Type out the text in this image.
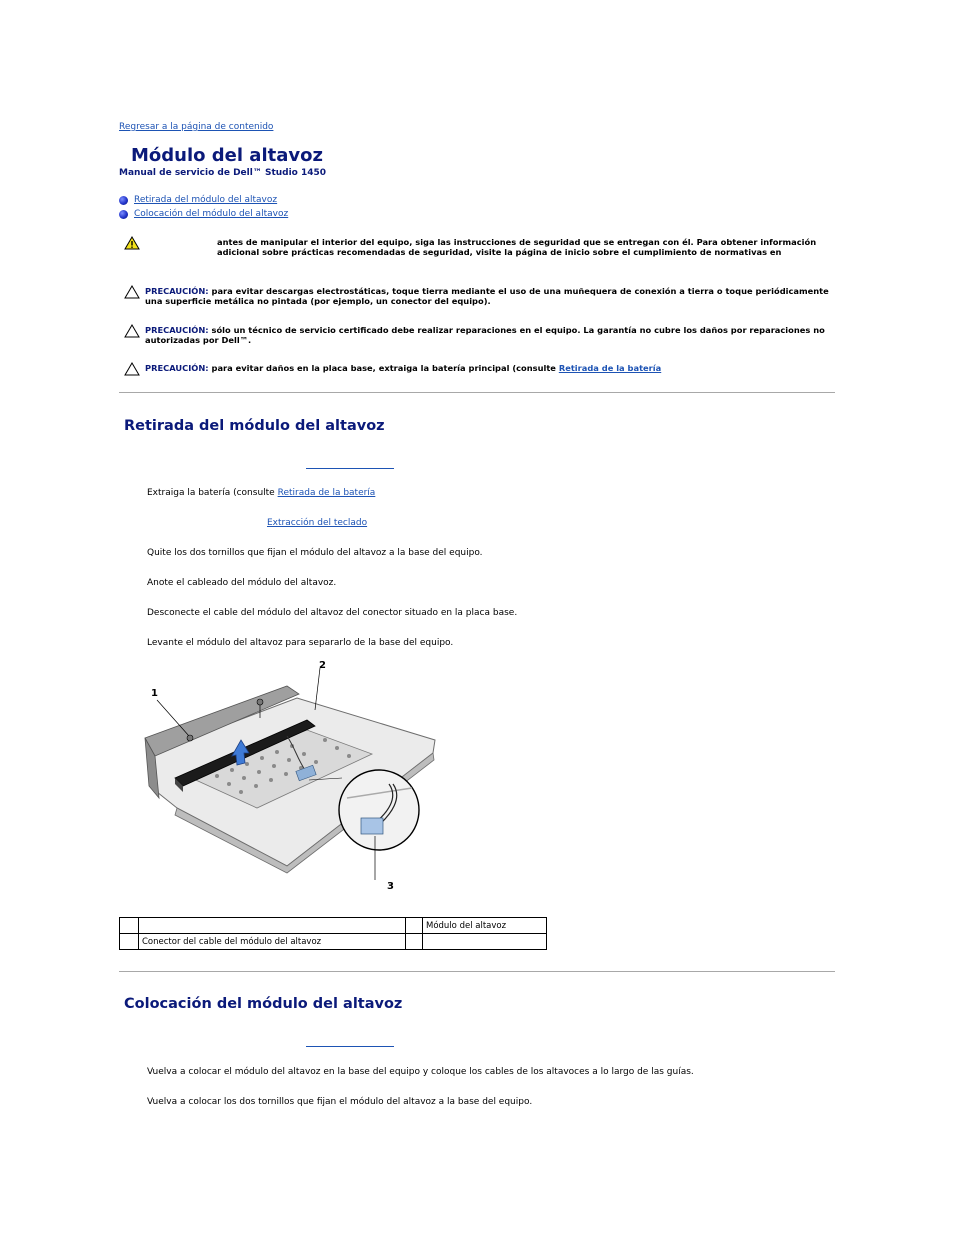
Regresar a la página de contenido
Módulo del altavoz
Manual de servicio de Dell™ Studio 1450
Retirada del módulo del altavoz
Colocación del módulo del altavoz
antes de manipular el interior del equipo, siga las instrucciones de seguridad que se entregan con él. Para obtener información adicional sobre prácticas recomendadas de seguridad, visite la página de inicio sobre el cumplimiento de normativas en
PRECAUCIÓN: para evitar descargas electrostáticas, toque tierra mediante el uso de una muñequera de conexión a tierra o toque periódicamente una superficie metálica no pintada (por ejemplo, un conector del equipo).
PRECAUCIÓN: sólo un técnico de servicio certificado debe realizar reparaciones en el equipo. La garantía no cubre los daños por reparaciones no autorizadas por Dell™.
PRECAUCIÓN: para evitar daños en la placa base, extraiga la batería principal (consulte Retirada de la batería
Retirada del módulo del altavoz
Extraiga la batería (consulte Retirada de la batería
Extracción del teclado
Quite los dos tornillos que fijan el módulo del altavoz a la base del equipo.
Anote el cableado del módulo del altavoz.
Desconecte el cable del módulo del altavoz del conector situado en la placa base.
Levante el módulo del altavoz para separarlo de la base del equipo.
1
2
3
			Módulo del altavoz
	Conector del cable del módulo del altavoz		
Colocación del módulo del altavoz
Vuelva a colocar el módulo del altavoz en la base del equipo y coloque los cables de los altavoces a lo largo de las guías.
Vuelva a colocar los dos tornillos que fijan el módulo del altavoz a la base del equipo.
